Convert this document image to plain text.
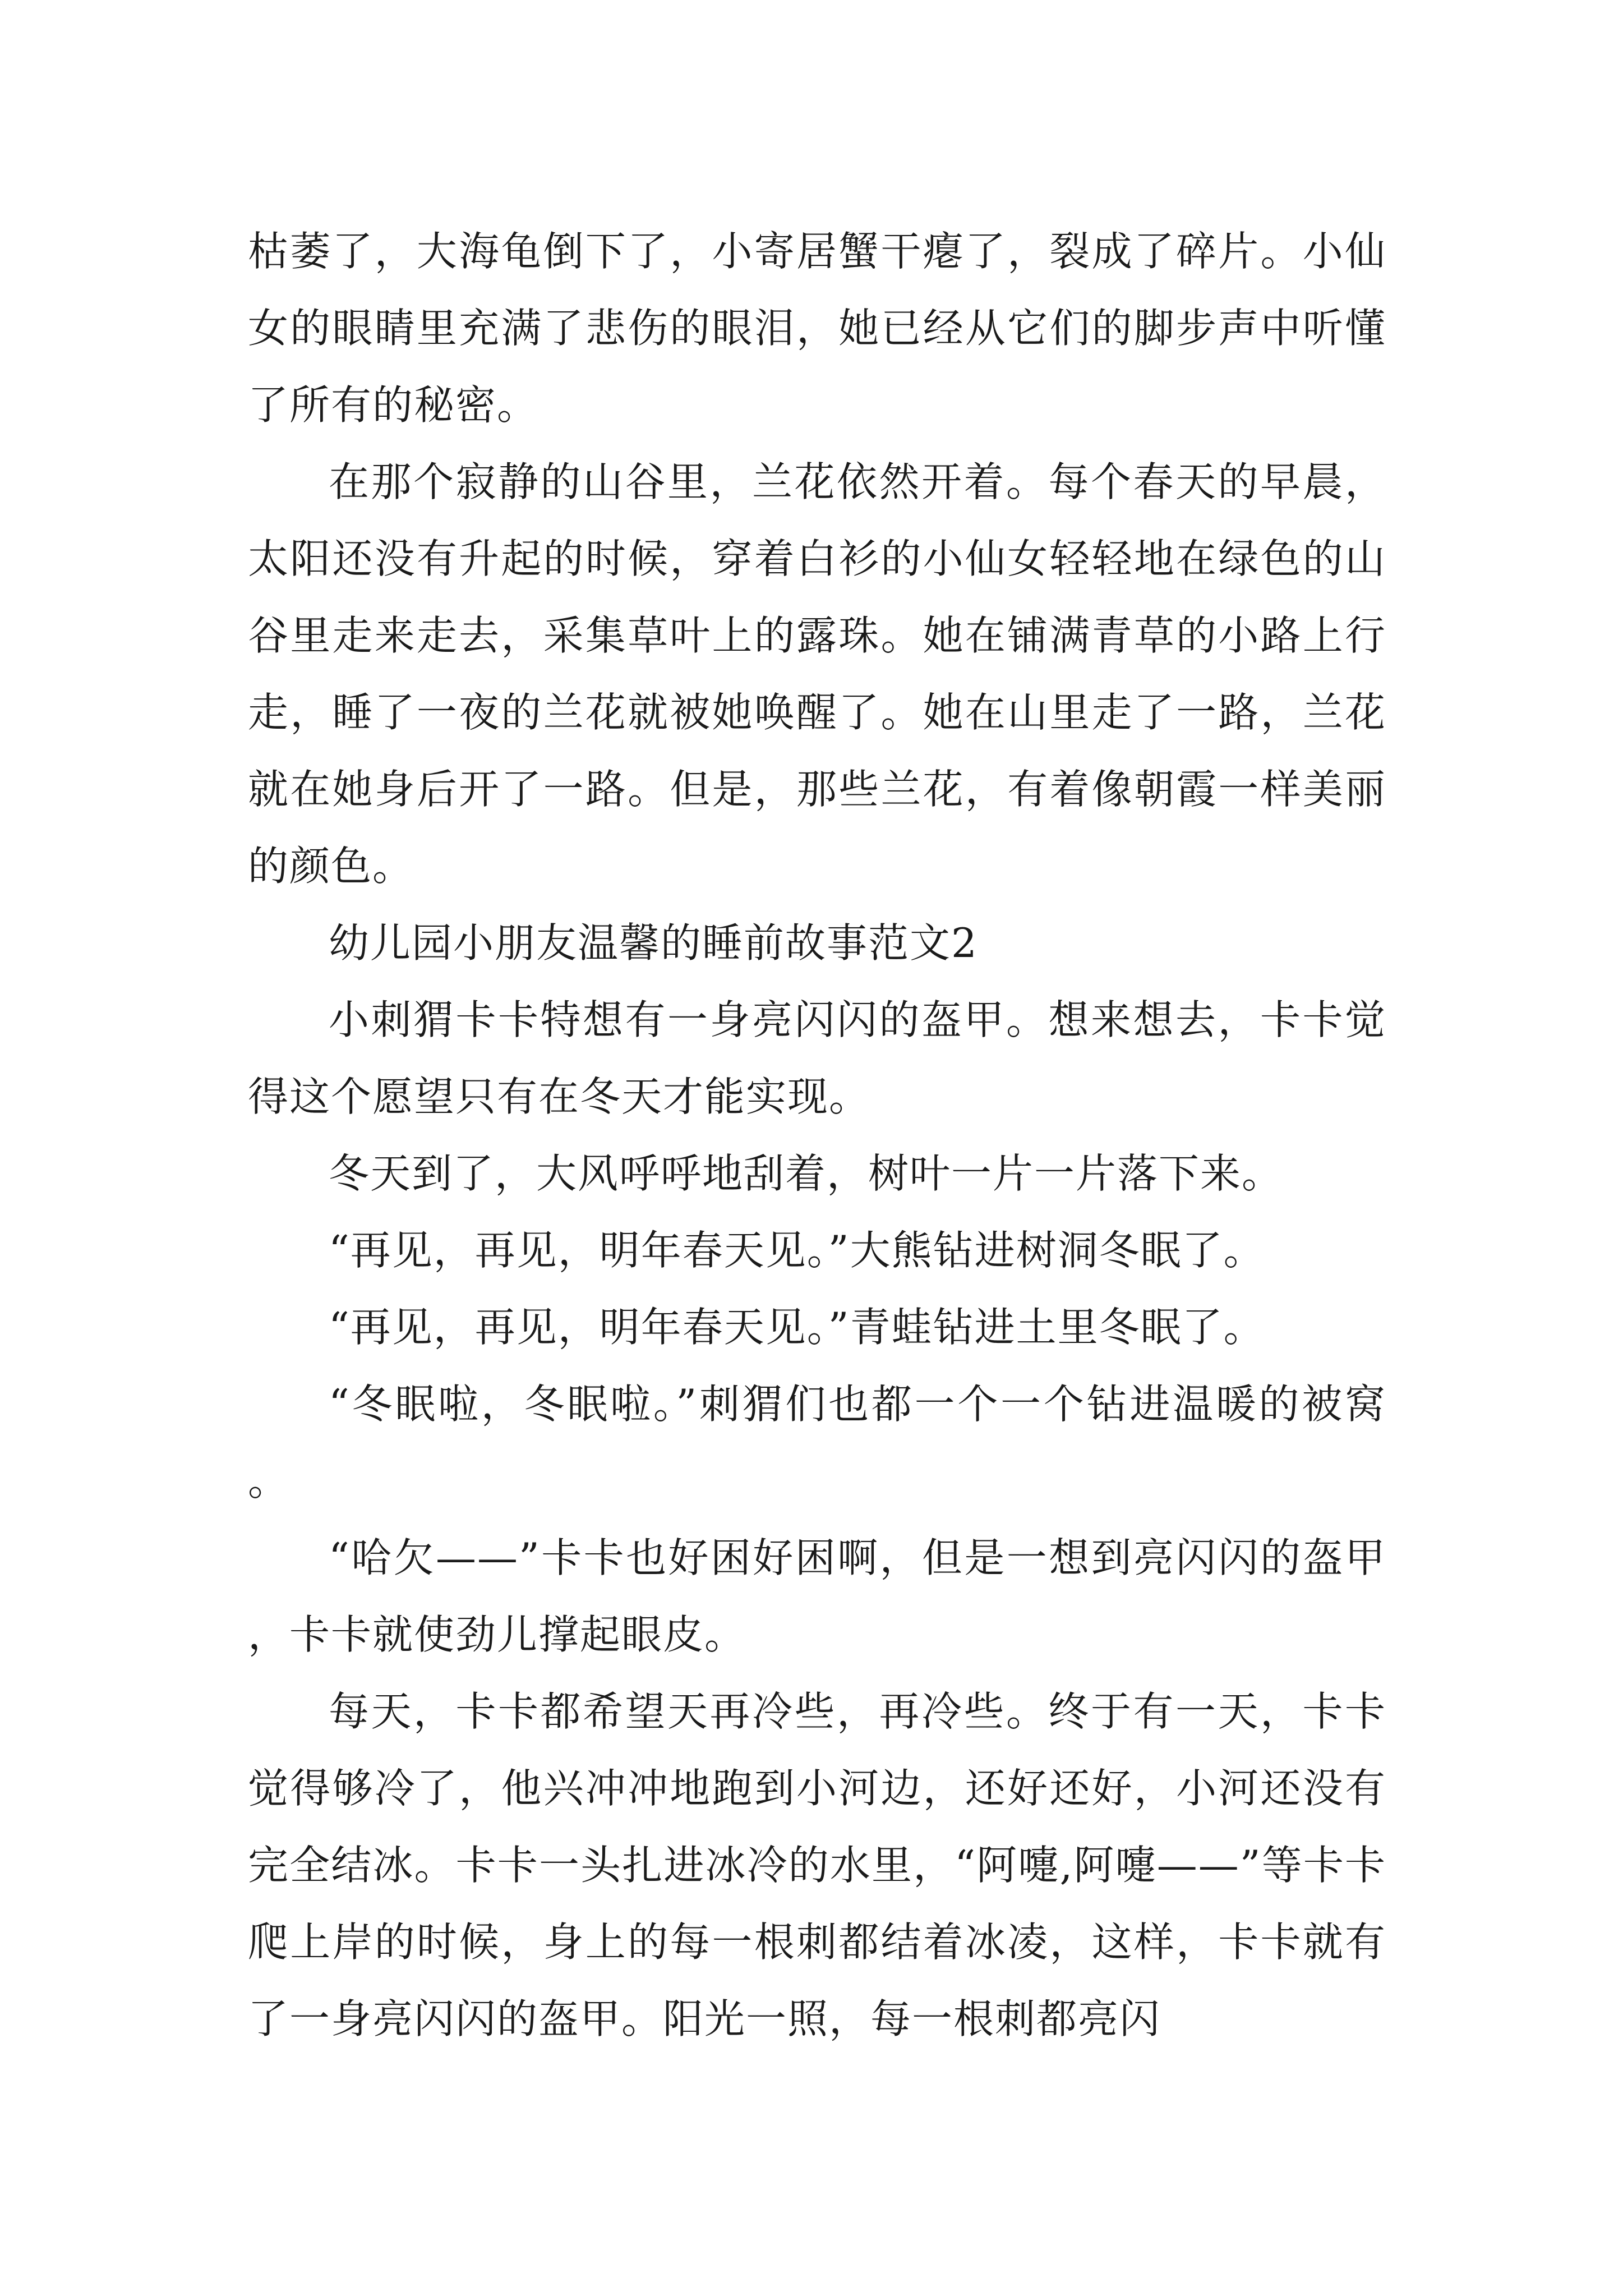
枯萎了，大海龟倒下了，小寄居蟹干瘪了，裂成了碎片。小仙女的眼睛里充满了悲伤的眼泪，她已经从它们的脚步声中听懂了所有的秘密。

在那个寂静的山谷里，兰花依然开着。每个春天的早晨，太阳还没有升起的时候，穿着白衫的小仙女轻轻地在绿色的山谷里走来走去，采集草叶上的露珠。她在铺满青草的小路上行走，睡了一夜的兰花就被她唤醒了。她在山里走了一路，兰花就在她身后开了一路。但是，那些兰花，有着像朝霞一样美丽的颜色。

幼儿园小朋友温馨的睡前故事范文2

小刺猬卡卡特想有一身亮闪闪的盔甲。想来想去，卡卡觉得这个愿望只有在冬天才能实现。

冬天到了，大风呼呼地刮着，树叶一片一片落下来。

“再见，再见，明年春天见。”大熊钻进树洞冬眠了。

“再见，再见，明年春天见。”青蛙钻进土里冬眠了。

“冬眠啦，冬眠啦。”刺猬们也都一个一个钻进温暖的被窝。

“哈欠——”卡卡也好困好困啊，但是一想到亮闪闪的盔甲，卡卡就使劲儿撑起眼皮。

每天，卡卡都希望天再冷些，再冷些。终于有一天，卡卡觉得够冷了，他兴冲冲地跑到小河边，还好还好，小河还没有完全结冰。卡卡一头扎进冰冷的水里，“阿嚏,阿嚏——”等卡卡爬上岸的时候，身上的每一根刺都结着冰凌，这样，卡卡就有了一身亮闪闪的盔甲。阳光一照，每一根刺都亮闪
